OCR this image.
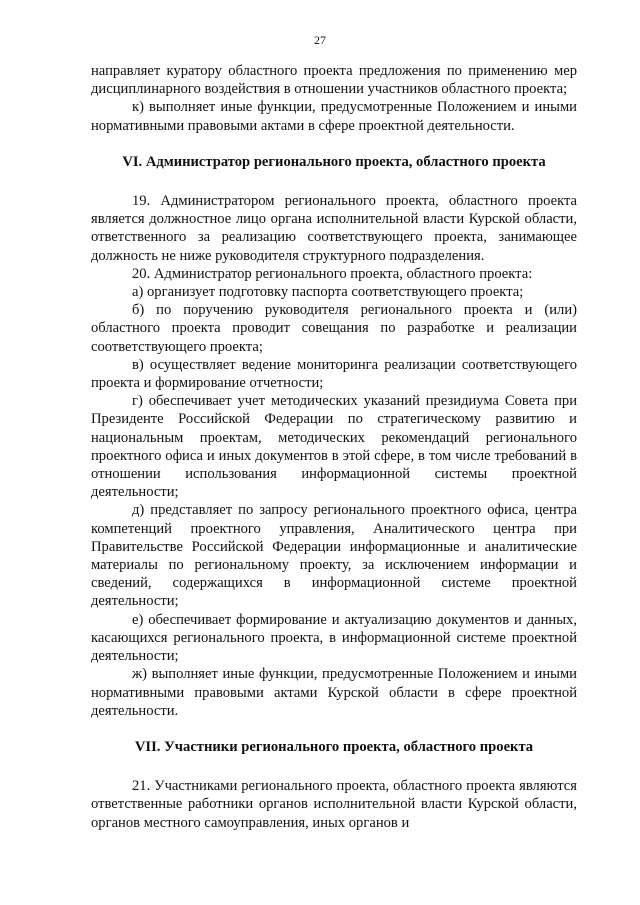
27

направляет куратору областного проекта предложения по применению мер дисциплинарного воздействия в отношении участников областного проекта;

к) выполняет иные функции, предусмотренные Положением и иными нормативными правовыми актами в сфере проектной деятельности.

VI. Администратор регионального проекта, областного проекта

19. Администратором регионального проекта, областного проекта является должностное лицо органа исполнительной власти Курской области, ответственного за реализацию соответствующего проекта, занимающее должность не ниже руководителя структурного подразделения.

20. Администратор регионального проекта, областного проекта:

а) организует подготовку паспорта соответствующего проекта;

б) по поручению руководителя регионального проекта и (или) областного проекта проводит совещания по разработке и реализации соответствующего проекта;

в) осуществляет ведение мониторинга реализации соответствующего проекта и формирование отчетности;

г) обеспечивает учет методических указаний президиума Совета при Президенте Российской Федерации по стратегическому развитию и национальным проектам, методических рекомендаций регионального проектного офиса и иных документов в этой сфере, в том числе требований в отношении использования информационной системы проектной деятельности;

д) представляет по запросу регионального проектного офиса, центра компетенций проектного управления, Аналитического центра при Правительстве Российской Федерации информационные и аналитические материалы по региональному проекту, за исключением информации и сведений, содержащихся в информационной системе проектной деятельности;

е) обеспечивает формирование и актуализацию документов и данных, касающихся регионального проекта, в информационной системе проектной деятельности;

ж) выполняет иные функции, предусмотренные Положением и иными нормативными правовыми актами Курской области в сфере проектной деятельности.

VII. Участники регионального проекта, областного проекта

21. Участниками регионального проекта, областного проекта являются ответственные работники органов исполнительной власти Курской области, органов местного самоуправления, иных органов и
